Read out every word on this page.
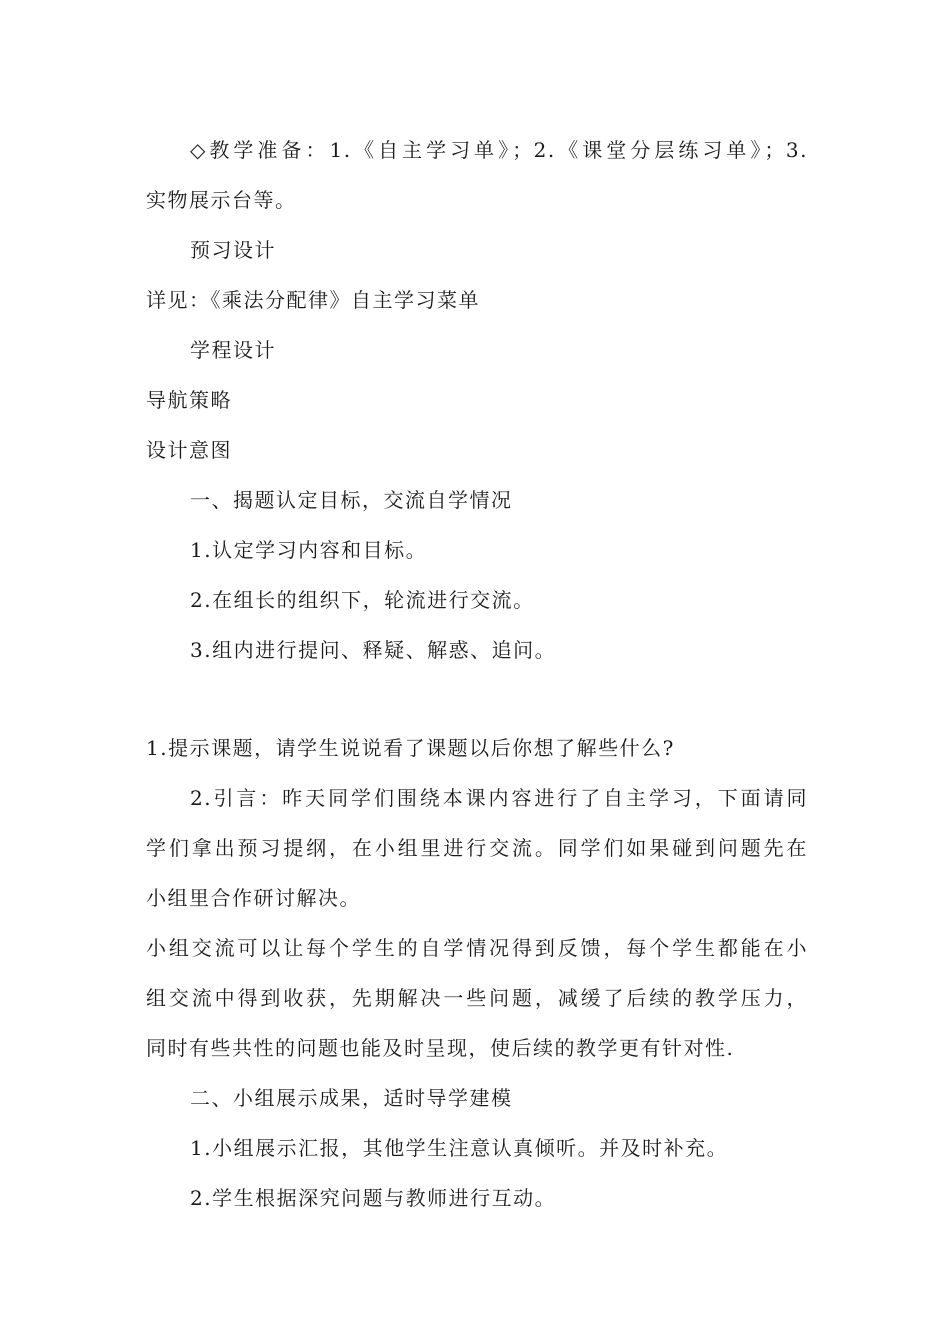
◇教学准备：1.《自主学习单》；2.《课堂分层练习单》；3.
实物展示台等。
预习设计
详见：《乘法分配律》自主学习菜单
学程设计
导航策略
设计意图
一、揭题认定目标，交流自学情况
1.认定学习内容和目标。
2.在组长的组织下，轮流进行交流。
3.组内进行提问、释疑、解惑、追问。
1.提示课题，请学生说说看了课题以后你想了解些什么?
2.引言：昨天同学们围绕本课内容进行了自主学习，下面请同
学们拿出预习提纲，在小组里进行交流。同学们如果碰到问题先在
小组里合作研讨解决。
小组交流可以让每个学生的自学情况得到反馈，每个学生都能在小
组交流中得到收获，先期解决一些问题，减缓了后续的教学压力，
同时有些共性的问题也能及时呈现，使后续的教学更有针对性.
二、小组展示成果，适时导学建模
1.小组展示汇报，其他学生注意认真倾听。并及时补充。
2.学生根据深究问题与教师进行互动。
